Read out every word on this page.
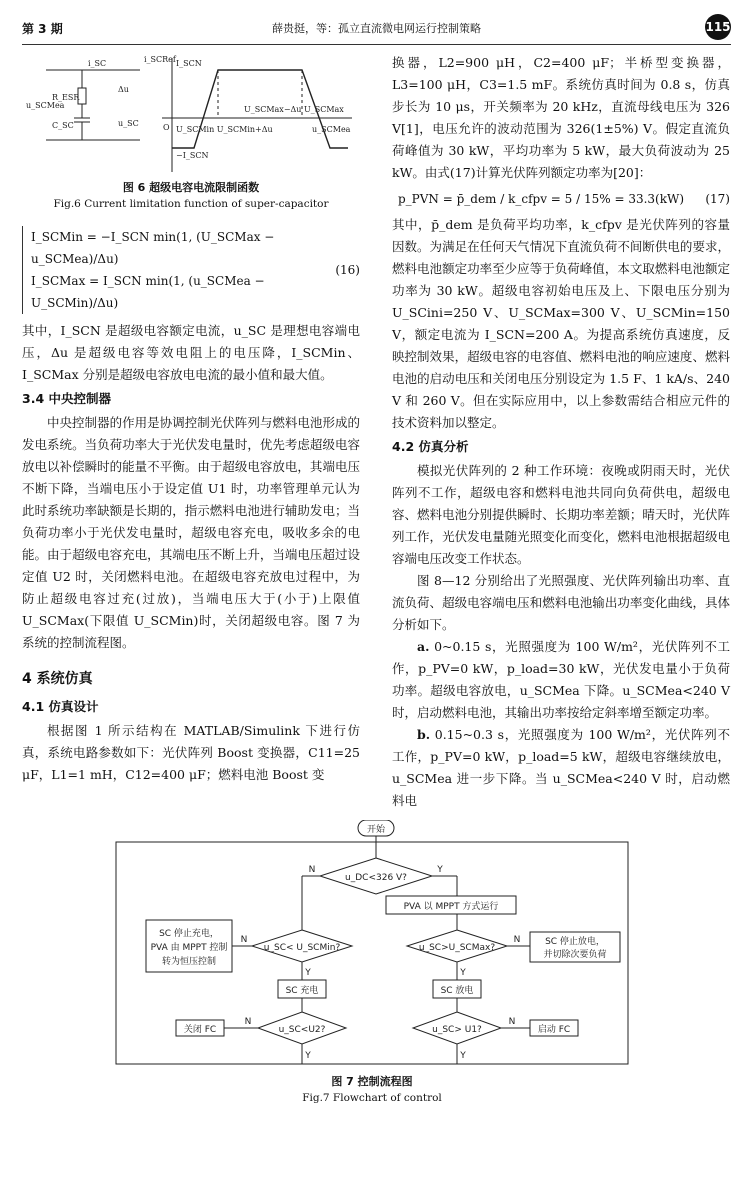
第 3 期	薛贵挺，等：孤立直流微电网运行控制策略	115
i_SC
R_ESR
C_SC
u_SCMea
Δu
u_SC
i_SCRef I_SCN
−I_SCN
O U_SCMin U_SCMin+Δu
U_SCMax−Δu U_SCMax
u_SCMea
图 6 超级电容电流限制函数
Fig.6 Current limitation function of super-capacitor
I_SCMin = −I_SCN min(1, (U_SCMax − u_SCMea)/Δu)
I_SCMax = I_SCN min(1, (u_SCMea − U_SCMin)/Δu)
(16)

其中，I_SCN 是超级电容额定电流，u_SC 是理想电容端电压，Δu 是超级电容等效电阻上的电压降，I_SCMin、I_SCMax 分别是超级电容放电电流的最小值和最大值。

3.4 中央控制器

中央控制器的作用是协调控制光伏阵列与燃料电池形成的发电系统。当负荷功率大于光伏发电量时，优先考虑超级电容放电以补偿瞬时的能量不平衡。由于超级电容放电，其端电压不断下降，当端电压小于设定值 U1 时，功率管理单元认为此时系统功率缺额是长期的，指示燃料电池进行辅助发电；当负荷功率小于光伏发电量时，超级电容充电，吸收多余的电能。由于超级电容充电，其端电压不断上升，当端电压超过设定值 U2 时，关闭燃料电池。在超级电容充放电过程中，为防止超级电容过充(过放)，当端电压大于(小于)上限值 U_SCMax(下限值 U_SCMin)时，关闭超级电容。图 7 为系统的控制流程图。

4 系统仿真
4.1 仿真设计

根据图 1 所示结构在 MATLAB/Simulink 下进行仿真，系统电路参数如下：光伏阵列 Boost 变换器，C11=25 μF，L1=1 mH，C12=400 μF；燃料电池 Boost 变

换器，L2=900 μH，C2=400 μF；半桥型变换器，L3=100 μH，C3=1.5 mF。系统仿真时间为 0.8 s，仿真步长为 10 μs，开关频率为 20 kHz，直流母线电压为 326 V[1]，电压允许的波动范围为 326(1±5%) V。假定直流负荷峰值为 30 kW，平均功率为 5 kW，最大负荷波动为 25 kW。由式(17)计算光伏阵列额定功率为[20]：

p_PVN = p̄_dem / k_cfpv = 5 / 15% = 33.3(kW)	(17)

其中，p̄_dem 是负荷平均功率，k_cfpv 是光伏阵列的容量因数。为满足在任何天气情况下直流负荷不间断供电的要求，燃料电池额定功率至少应等于负荷峰值，本文取燃料电池额定功率为 30 kW。超级电容初始电压及上、下限电压分别为 U_SCini=250 V、U_SCMax=300 V、U_SCMin=150 V，额定电流为 I_SCN=200 A。为提高系统仿真速度，反映控制效果，超级电容的电容值、燃料电池的响应速度、燃料电池的启动电压和关闭电压分别设定为 1.5 F、1 kA/s、240 V 和 260 V。但在实际应用中，以上参数需结合相应元件的技术资料加以整定。

4.2 仿真分析

模拟光伏阵列的 2 种工作环境：夜晚或阴雨天时，光伏阵列不工作，超级电容和燃料电池共同向负荷供电，超级电容、燃料电池分别提供瞬时、长期功率差额；晴天时，光伏阵列工作，光伏发电量随光照变化而变化，燃料电池根据超级电容端电压改变工作状态。

图 8—12 分别给出了光照强度、光伏阵列输出功率、直流负荷、超级电容端电压和燃料电池输出功率变化曲线，具体分析如下。

a. 0~0.15 s，光照强度为 100 W/m²，光伏阵列不工作，p_PV=0 kW，p_load=30 kW，光伏发电量小于负荷功率。超级电容放电，u_SCMea 下降。u_SCMea<240 V 时，启动燃料电池，其输出功率按给定斜率增至额定功率。

b. 0.15~0.3 s，光照强度为 100 W/m²，光伏阵列不工作，p_PV=0 kW，p_load=5 kW，超级电容继续放电，u_SCMea 进一步下降。当 u_SCMea<240 V 时，启动燃料电

开始
u_DC<326 V?
PVA 以 MPPT 方式运行
SC 停止充电，
PVA 由 MPPT 控制
转为恒压控制
u_SC< U_SCMin?	u_SC>U_SCMax?
SC 停止放电，
并切除次要负荷
SC 充电	SC 放电
u_SC<U2?	u_SC> U1?
关闭 FC	启动 FC
N	Y
N	N
Y	Y
N	N
Y	Y
图 7 控制流程图
Fig.7 Flowchart of control
